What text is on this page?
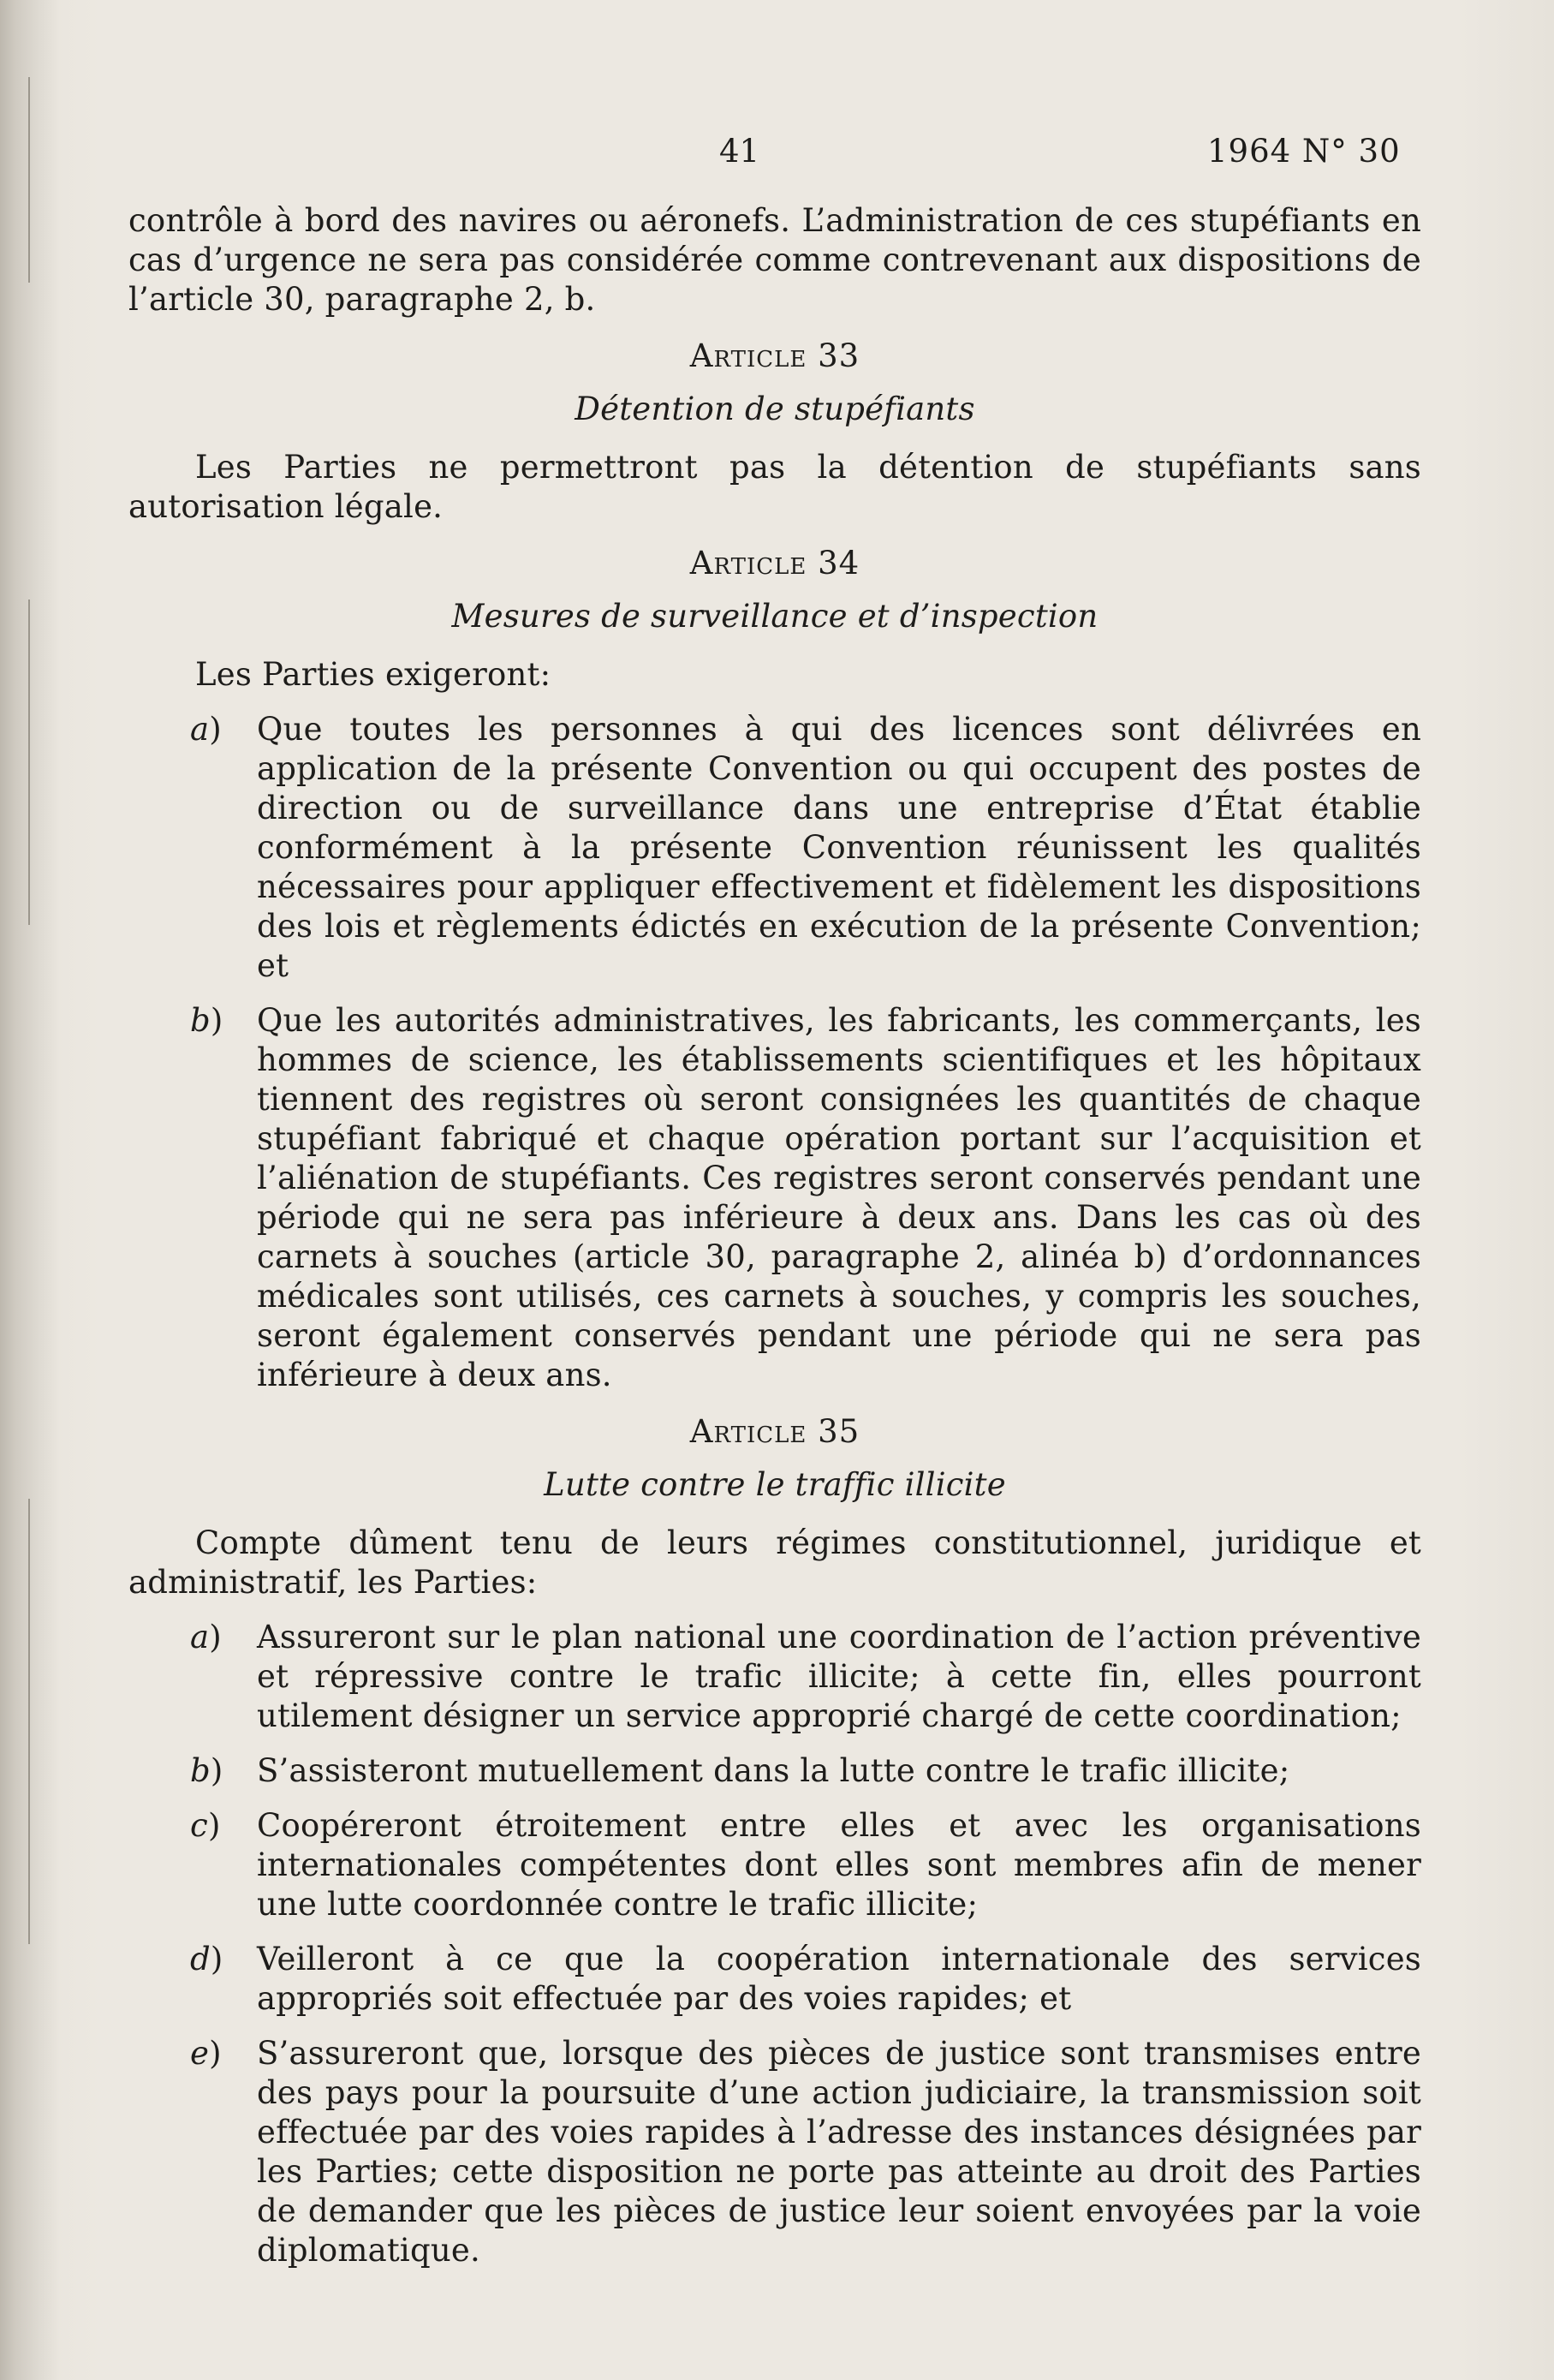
41	1964 N° 30

contrôle à bord des navires ou aéronefs. L’administration de ces stupéfiants en cas d’urgence ne sera pas considérée comme contrevenant aux dispositions de l’article 30, paragraphe 2, b.

Article 33
Détention de stupéfiants

Les Parties ne permettront pas la détention de stupéfiants sans autorisation légale.

Article 34
Mesures de surveillance et d’inspection

Les Parties exigeront:

a) Que toutes les personnes à qui des licences sont délivrées en application de la présente Convention ou qui occupent des postes de direction ou de surveillance dans une entreprise d’État établie conformément à la présente Convention réunissent les qualités nécessaires pour appliquer effectivement et fidèlement les dispositions des lois et règlements édictés en exécution de la présente Convention; et
b) Que les autorités administratives, les fabricants, les commerçants, les hommes de science, les établissements scientifiques et les hôpitaux tiennent des registres où seront consignées les quantités de chaque stupéfiant fabriqué et chaque opération portant sur l’acquisition et l’aliénation de stupéfiants. Ces registres seront conservés pendant une période qui ne sera pas inférieure à deux ans. Dans les cas où des carnets à souches (article 30, paragraphe 2, alinéa b) d’ordonnances médicales sont utilisés, ces carnets à souches, y compris les souches, seront également conservés pendant une période qui ne sera pas inférieure à deux ans.
Article 35
Lutte contre le traffic illicite

Compte dûment tenu de leurs régimes constitutionnel, juridique et administratif, les Parties:

a) Assureront sur le plan national une coordination de l’action préventive et répressive contre le trafic illicite; à cette fin, elles pourront utilement désigner un service approprié chargé de cette coordination;
b) S’assisteront mutuellement dans la lutte contre le trafic illicite;
c) Coopéreront étroitement entre elles et avec les organisations internationales compétentes dont elles sont membres afin de mener une lutte coordonnée contre le trafic illicite;
d) Veilleront à ce que la coopération internationale des services appropriés soit effectuée par des voies rapides; et
e) S’assureront que, lorsque des pièces de justice sont transmises entre des pays pour la poursuite d’une action judiciaire, la transmission soit effectuée par des voies rapides à l’adresse des instances désignées par les Parties; cette disposition ne porte pas atteinte au droit des Parties de demander que les pièces de justice leur soient envoyées par la voie diplomatique.
